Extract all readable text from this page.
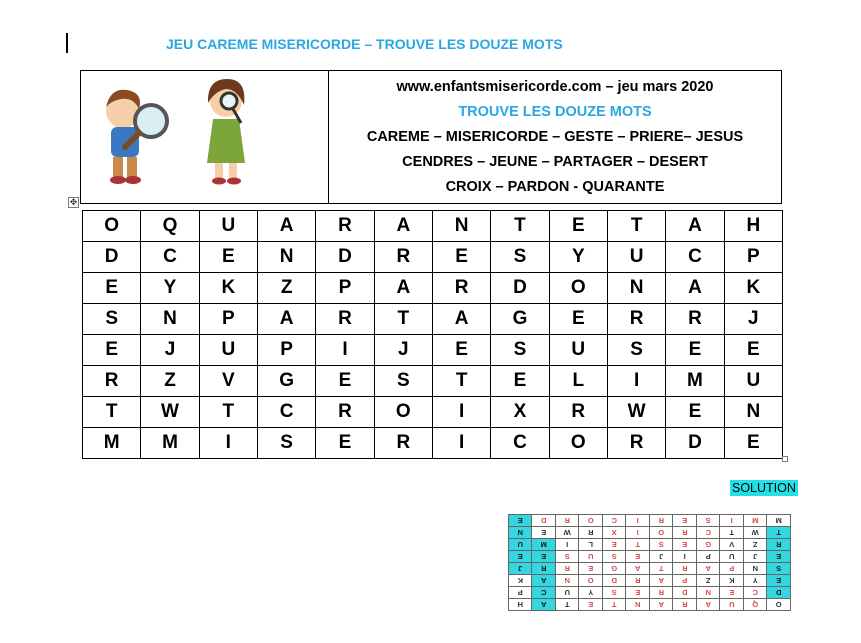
JEU CAREME MISERICORDE – TROUVE LES DOUZE MOTS
www.enfantsmisericorde.com – jeu mars 2020
TROUVE LES DOUZE MOTS
CAREME – MISERICORDE – GESTE – PRIERE– JESUS
CENDRES – JEUNE – PARTAGER – DESERT
CROIX – PARDON - QUARANTE
✥
O	Q	U	A	R	A	N	T	E	T	A	H
D	C	E	N	D	R	E	S	Y	U	C	P
E	Y	K	Z	P	A	R	D	O	N	A	K
S	N	P	A	R	T	A	G	E	R	R	J
E	J	U	P	I	J	E	S	U	S	E	E
R	Z	V	G	E	S	T	E	L	I	M	U
T	W	T	C	R	O	I	X	R	W	E	N
M	M	I	S	E	R	I	C	O	R	D	E
SOLUTION
O	Q	U	A	R	A	N	T	E	T	A	H
D	C	E	N	D	R	E	S	Y	U	C	P
E	Y	K	Z	P	A	R	D	O	N	A	K
S	N	P	A	R	T	A	G	E	R	R	J
E	J	U	P	I	J	E	S	U	S	E	E
R	Z	V	G	E	S	T	E	L	I	M	U
T	W	T	C	R	O	I	X	R	W	E	N
M	M	I	S	E	R	I	C	O	R	D	E
